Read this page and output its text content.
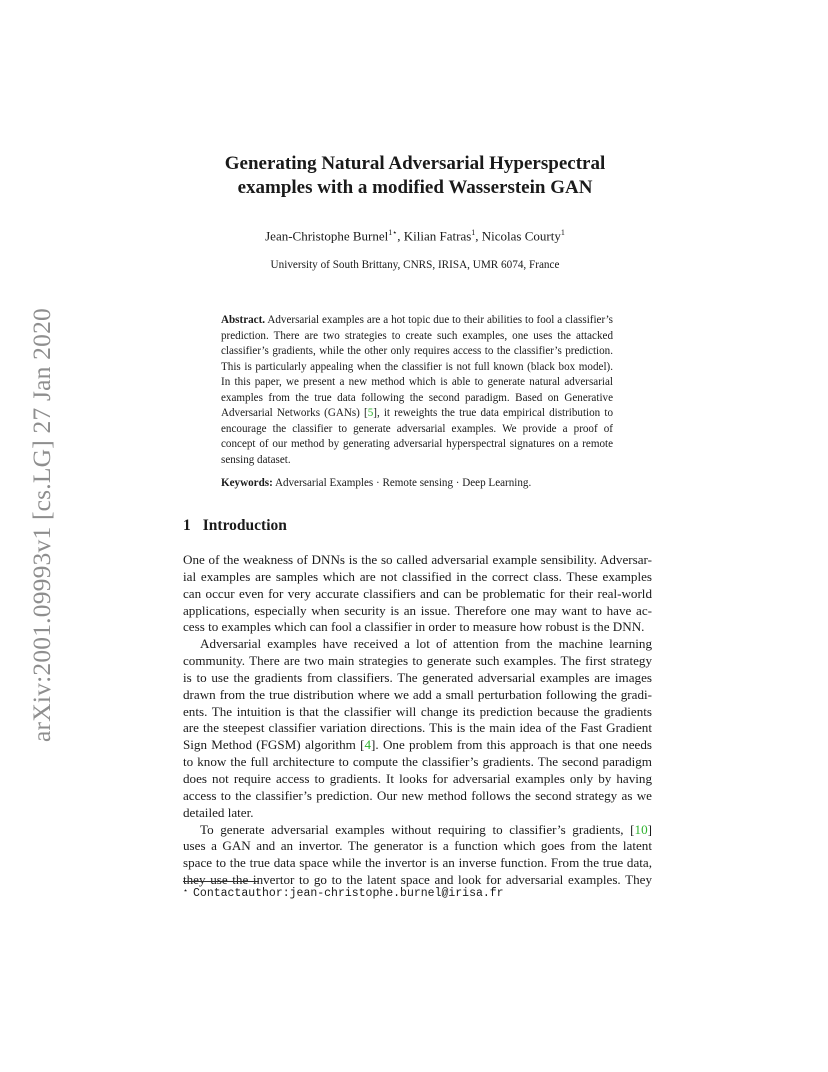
arXiv:2001.09993v1 [cs.LG] 27 Jan 2020
Generating Natural Adversarial Hyperspectral
examples with a modified Wasserstein GAN
Jean-Christophe Burnel$^{1⋆}$, Kilian Fatras$^1$, Nicolas Courty$^1$
University of South Brittany, CNRS, IRISA, UMR 6074, France
Abstract. Adversarial examples are a hot topic due to their abilities to fool a classifier’s prediction. There are two strategies to create such examples, one uses the attacked classifier’s gradients, while the other only requires access to the classifier’s prediction. This is particularly appealing when the classifier is not full known (black box model). In this paper, we present a new method which is able to generate natural adversarial examples from the true data following the second paradigm. Based on Generative Adversarial Networks (GANs) [5], it reweights the true data empirical distribution to encourage the classifier to generate adversarial examples. We provide a proof of concept of our method by generating adversarial hyperspectral signatures on a remote sensing dataset.
Keywords: Adversarial Examples · Remote sensing · Deep Learning.
1 Introduction
One of the weakness of DNNs is the so called adversarial example sensibility. Adversar-
ial examples are samples which are not classified in the correct class. These examples
can occur even for very accurate classifiers and can be problematic for their real-world
applications, especially when security is an issue. Therefore one may want to have ac-
cess to examples which can fool a classifier in order to measure how robust is the DNN.
Adversarial examples have received a lot of attention from the machine learning
community. There are two main strategies to generate such examples. The first strategy
is to use the gradients from classifiers. The generated adversarial examples are images
drawn from the true distribution where we add a small perturbation following the gradi-
ents. The intuition is that the classifier will change its prediction because the gradients
are the steepest classifier variation directions. This is the main idea of the Fast Gradient
Sign Method (FGSM) algorithm [4]. One problem from this approach is that one needs
to know the full architecture to compute the classifier’s gradients. The second paradigm
does not require access to gradients. It looks for adversarial examples only by having
access to the classifier’s prediction. Our new method follows the second strategy as we
detailed later.
To generate adversarial examples without requiring to classifier’s gradients, [10]
uses a GAN and an invertor. The generator is a function which goes from the latent
space to the true data space while the invertor is an inverse function. From the true data,
they use the invertor to go to the latent space and look for adversarial examples. They
⋆ Contactauthor:jean-christophe.burnel@irisa.fr
